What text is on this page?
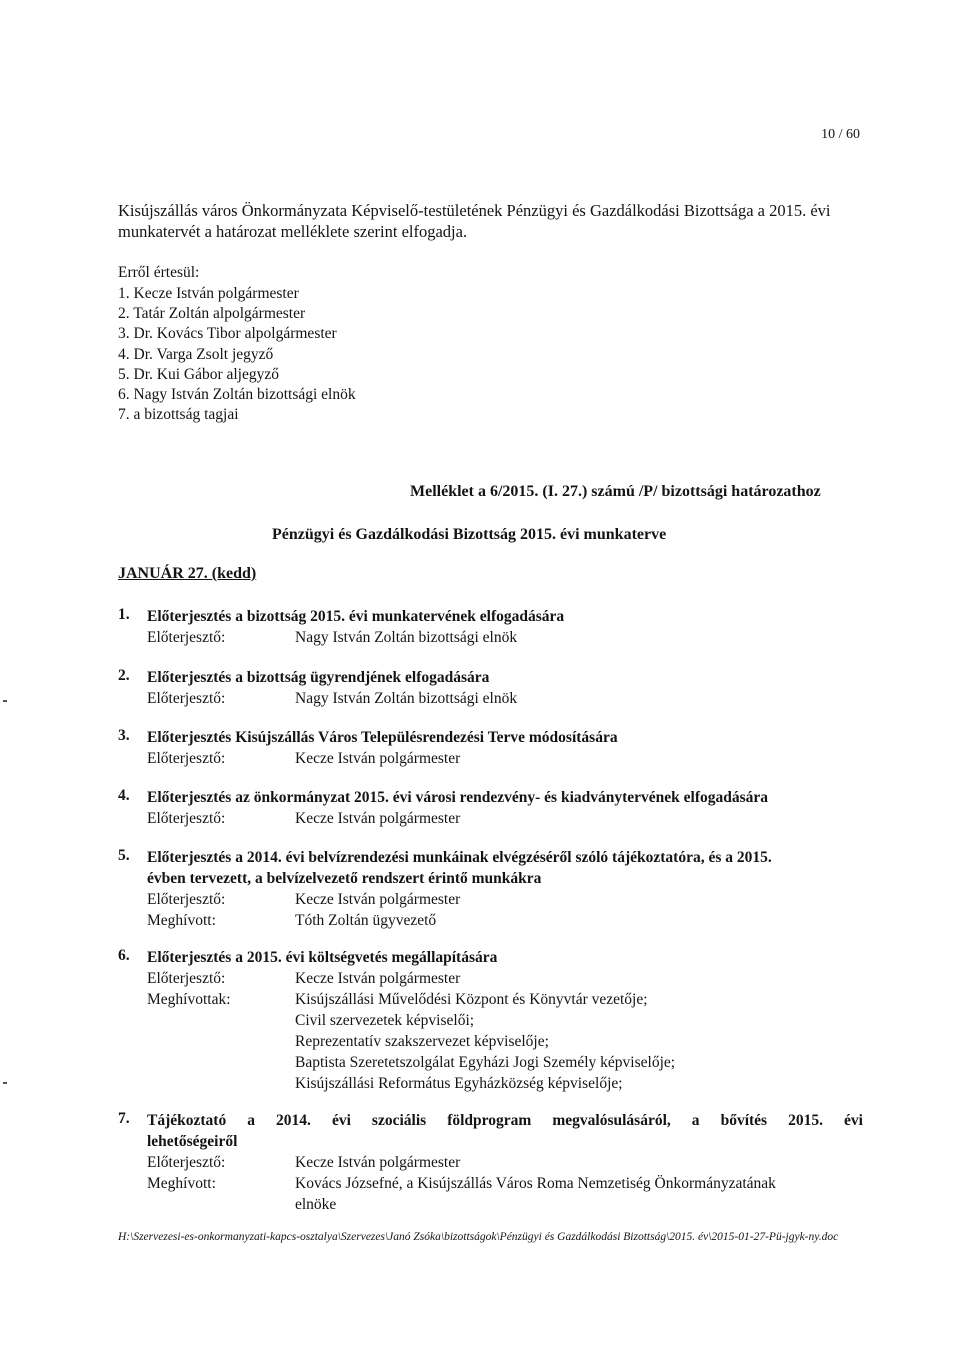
10 / 60
Kisújszállás város Önkormányzata Képviselő-testületének Pénzügyi és Gazdálkodási Bizottsága a 2015. évi munkatervét a határozat melléklete szerint elfogadja.
Erről értesül:
1. Kecze István polgármester
2. Tatár Zoltán alpolgármester
3. Dr. Kovács Tibor alpolgármester
4. Dr. Varga Zsolt jegyző
5. Dr. Kui Gábor aljegyző
6. Nagy István Zoltán bizottsági elnök
7. a bizottság tagjai
Melléklet a 6/2015. (I. 27.) számú /P/ bizottsági határozathoz
Pénzügyi és Gazdálkodási Bizottság 2015. évi munkaterve
JANUÁR 27. (kedd)
1. Előterjesztés a bizottság 2015. évi munkatervének elfogadására
Előterjesztő:	Nagy István Zoltán bizottsági elnök
2. Előterjesztés a bizottság ügyrendjének elfogadására
Előterjesztő:	Nagy István Zoltán bizottsági elnök
3. Előterjesztés Kisújszállás Város Településrendezési Terve módosítására
Előterjesztő:	Kecze István polgármester
4. Előterjesztés az önkormányzat 2015. évi városi rendezvény- és kiadványtervének elfogadására
Előterjesztő:	Kecze István polgármester
5. Előterjesztés a 2014. évi belvízrendezési munkáinak elvégzéséről szóló tájékoztatóra, és a 2015.
évben tervezett, a belvízelvezető rendszert érintő munkákra
Előterjesztő:	Kecze István polgármester
Meghívott:	Tóth Zoltán ügyvezető
6. Előterjesztés a 2015. évi költségvetés megállapítására
Előterjesztő:	Kecze István polgármester
Meghívottak:	Kisújszállási Művelődési Központ és Könyvtár vezetője;
Civil szervezetek képviselői;
Reprezentatív szakszervezet képviselője;
Baptista Szeretetszolgálat Egyházi Jogi Személy képviselője;
Kisújszállási Református Egyházközség képviselője;
7. Tájékoztató a 2014. évi szociális földprogram megvalósulásáról, a bővítés 2015. évi
lehetőségeiről
Előterjesztő:	Kecze István polgármester
Meghívott:	Kovács Józsefné, a Kisújszállás Város Roma Nemzetiség Önkormányzatának
elnöke
H:\Szervezesi-es-onkormanyzati-kapcs-osztalya\Szervezes\Janó Zsóka\bizottságok\Pénzügyi és Gazdálkodási Bizottság\2015. év\2015-01-27-Pü-jgyk-ny.doc
